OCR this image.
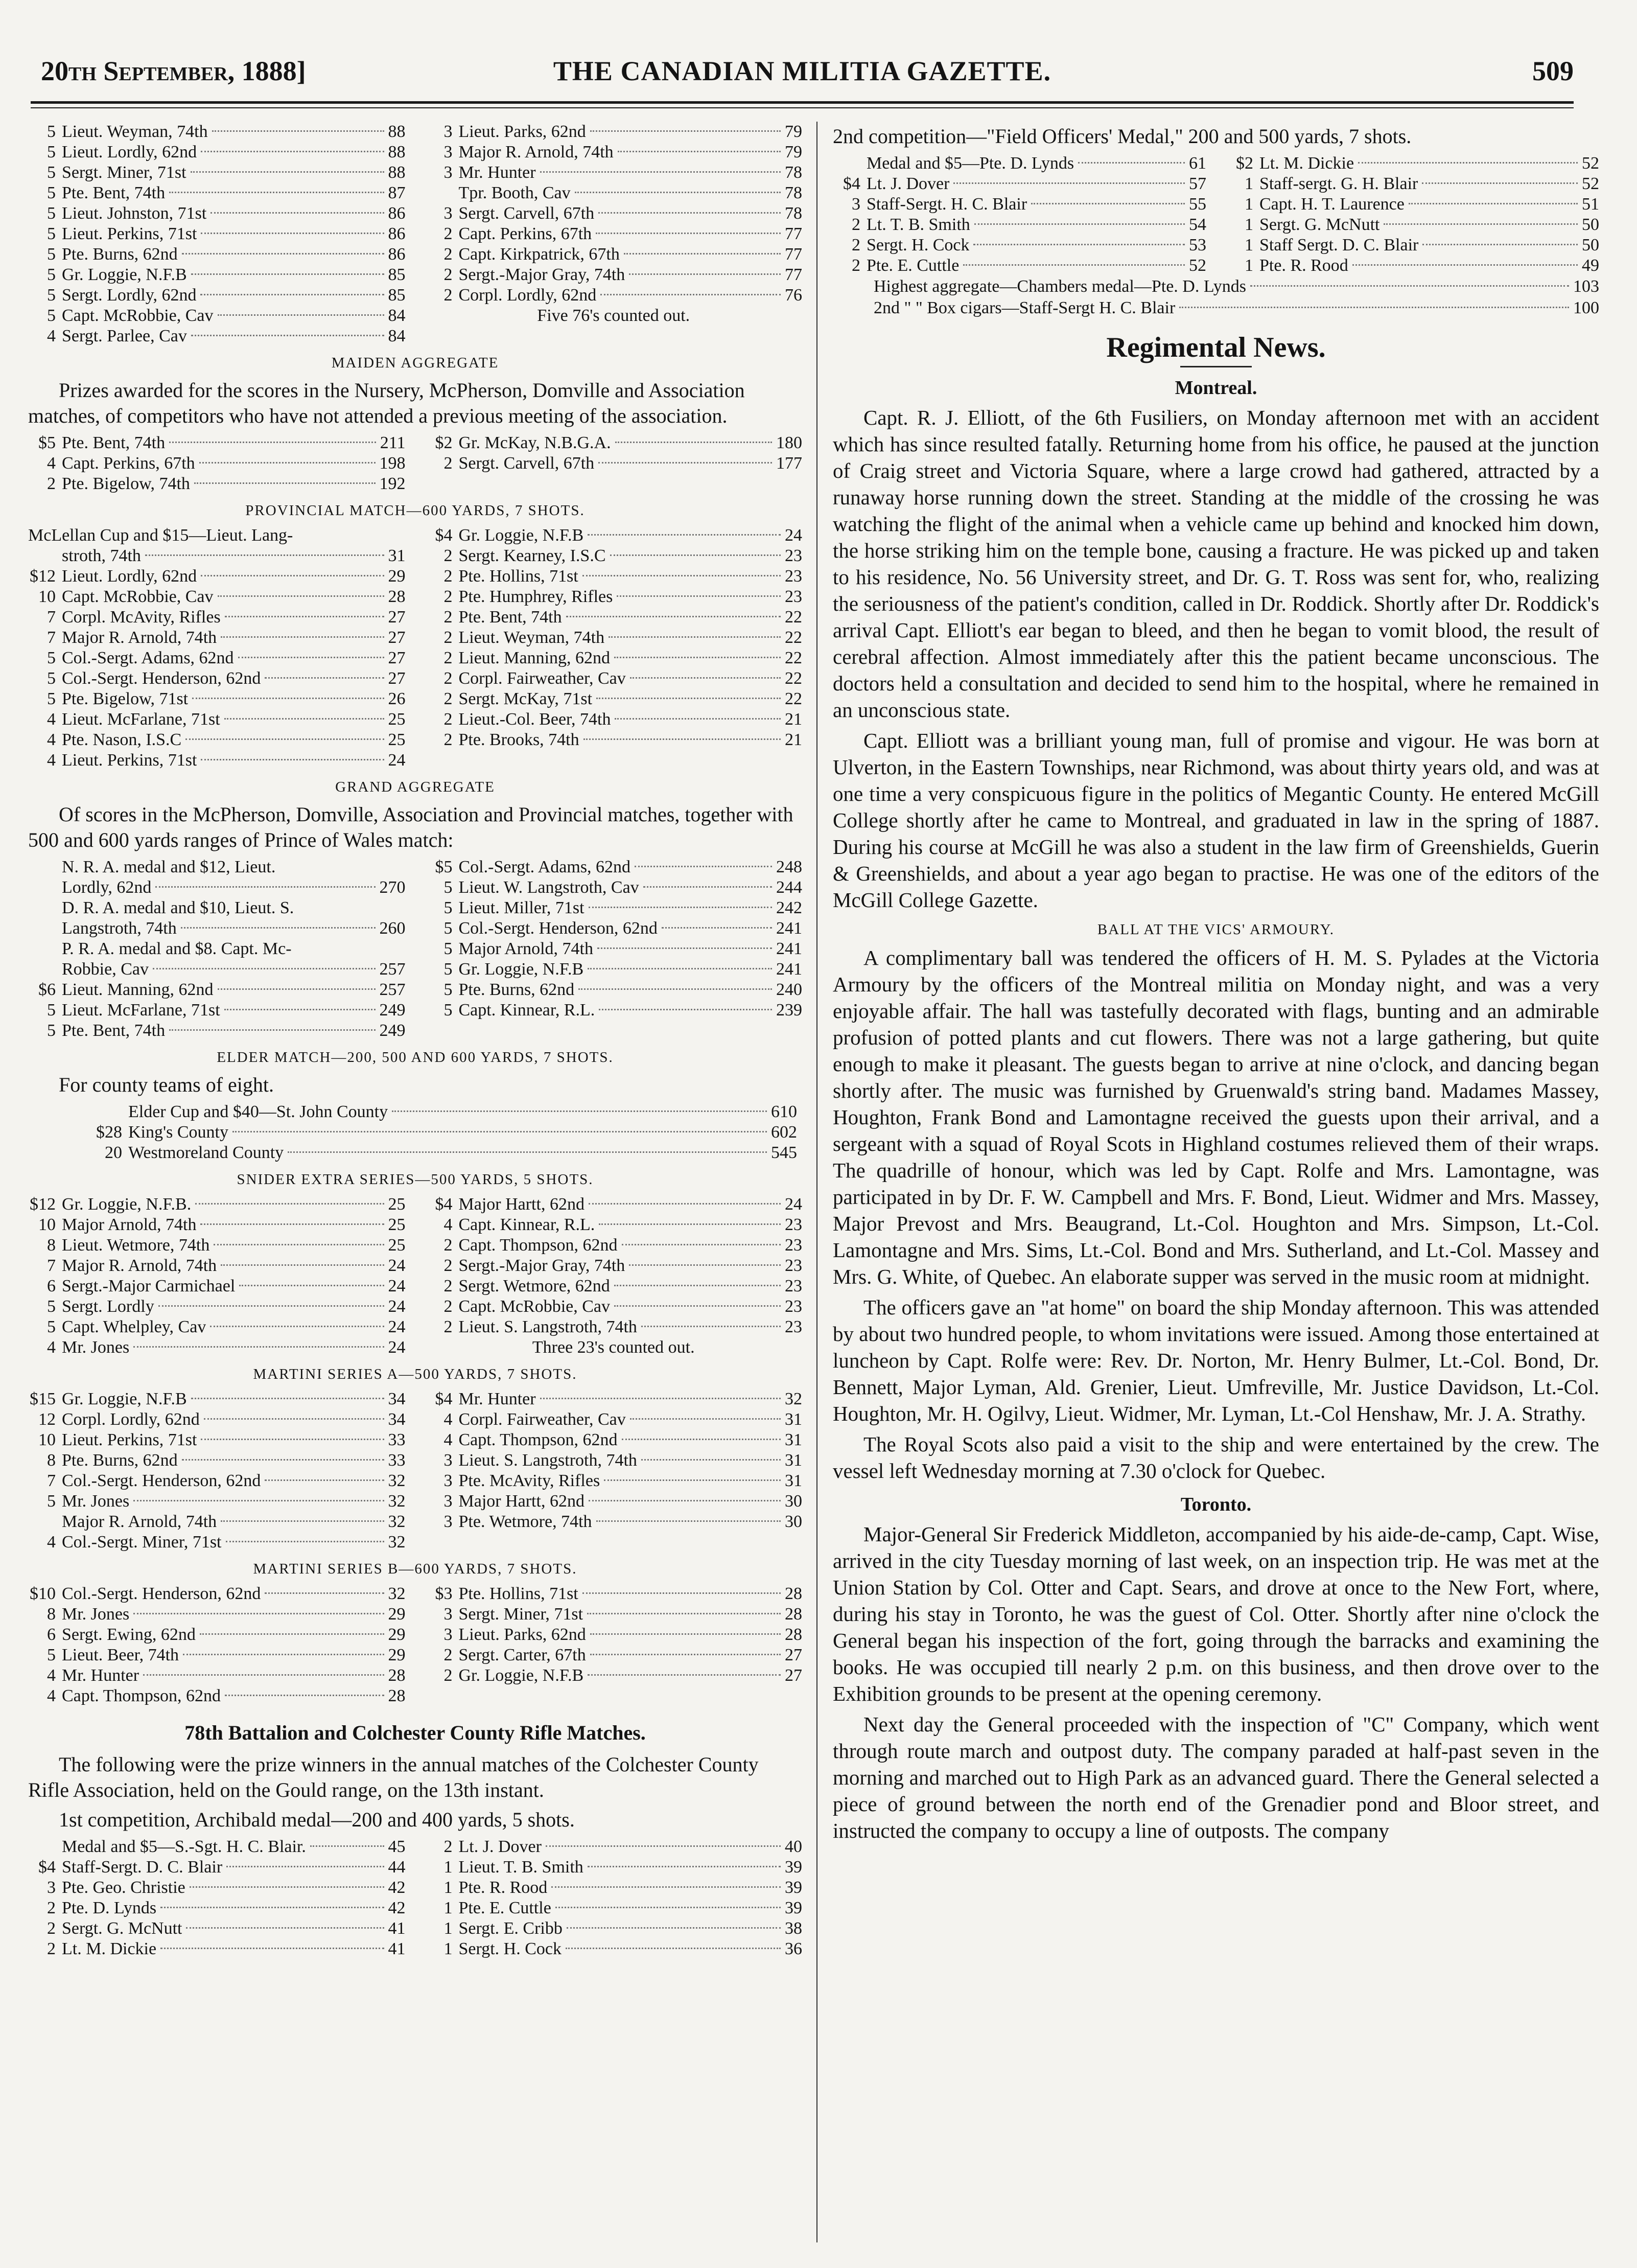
20th September, 1888]	THE CANADIAN MILITIA GAZETTE.	509
5 Lieut. Weyman, 74th	88
5 Lieut. Lordly, 62nd	88
5 Sergt. Miner, 71st	88
5 Pte. Bent, 74th	87
5 Lieut. Johnston, 71st	86
5 Lieut. Perkins, 71st	86
5 Pte. Burns, 62nd	86
5 Gr. Loggie, N.F.B	85
5 Sergt. Lordly, 62nd	85
5 Capt. McRobbie, Cav	84
4 Sergt. Parlee, Cav	84
3 Lieut. Parks, 62nd	79
3 Major R. Arnold, 74th	79
3 Mr. Hunter	78
Tpr. Booth, Cav	78
3 Sergt. Carvell, 67th	78
2 Capt. Perkins, 67th	77
2 Capt. Kirkpatrick, 67th	77
2 Sergt.-Major Gray, 74th	77
2 Corpl. Lordly, 62nd	76
Five 76's counted out.
MAIDEN AGGREGATE

Prizes awarded for the scores in the Nursery, McPherson, Domville and Association matches, of competitors who have not attended a previous meeting of the association.

$5 Pte. Bent, 74th	211
4 Capt. Perkins, 67th	198
2 Pte. Bigelow, 74th	192
$2 Gr. McKay, N.B.G.A.	180
2 Sergt. Carvell, 67th	177
PROVINCIAL MATCH—600 YARDS, 7 SHOTS.
McLellan Cup and $15—Lieut. Lang-
stroth, 74th	31
$12 Lieut. Lordly, 62nd	29
10 Capt. McRobbie, Cav	28
7 Corpl. McAvity, Rifles	27
7 Major R. Arnold, 74th	27
5 Col.-Sergt. Adams, 62nd	27
5 Col.-Sergt. Henderson, 62nd	27
5 Pte. Bigelow, 71st	26
4 Lieut. McFarlane, 71st	25
4 Pte. Nason, I.S.C	25
4 Lieut. Perkins, 71st	24
$4 Gr. Loggie, N.F.B	24
2 Sergt. Kearney, I.S.C	23
2 Pte. Hollins, 71st	23
2 Pte. Humphrey, Rifles	23
2 Pte. Bent, 74th	22
2 Lieut. Weyman, 74th	22
2 Lieut. Manning, 62nd	22
2 Corpl. Fairweather, Cav	22
2 Sergt. McKay, 71st	22
2 Lieut.-Col. Beer, 74th	21
2 Pte. Brooks, 74th	21
GRAND AGGREGATE

Of scores in the McPherson, Domville, Association and Provincial matches, together with 500 and 600 yards ranges of Prince of Wales match:

N. R. A. medal and $12, Lieut.
Lordly, 62nd	270
D. R. A. medal and $10, Lieut. S.
Langstroth, 74th	260
P. R. A. medal and $8. Capt. Mc-
Robbie, Cav	257
$6 Lieut. Manning, 62nd	257
5 Lieut. McFarlane, 71st	249
5 Pte. Bent, 74th	249
$5 Col.-Sergt. Adams, 62nd	248
5 Lieut. W. Langstroth, Cav	244
5 Lieut. Miller, 71st	242
5 Col.-Sergt. Henderson, 62nd	241
5 Major Arnold, 74th	241
5 Gr. Loggie, N.F.B	241
5 Pte. Burns, 62nd	240
5 Capt. Kinnear, R.L.	239
ELDER MATCH—200, 500 AND 600 YARDS, 7 SHOTS.

For county teams of eight.

Elder Cup and $40—St. John County	610
$28 King's County	602
20 Westmoreland County	545
SNIDER EXTRA SERIES—500 YARDS, 5 SHOTS.
$12 Gr. Loggie, N.F.B.	25
10 Major Arnold, 74th	25
8 Lieut. Wetmore, 74th	25
7 Major R. Arnold, 74th	24
6 Sergt.-Major Carmichael	24
5 Sergt. Lordly	24
5 Capt. Whelpley, Cav	24
4 Mr. Jones	24
$4 Major Hartt, 62nd	24
4 Capt. Kinnear, R.L.	23
2 Capt. Thompson, 62nd	23
2 Sergt.-Major Gray, 74th	23
2 Sergt. Wetmore, 62nd	23
2 Capt. McRobbie, Cav	23
2 Lieut. S. Langstroth, 74th	23
Three 23's counted out.
MARTINI SERIES A—500 YARDS, 7 SHOTS.
$15 Gr. Loggie, N.F.B	34
12 Corpl. Lordly, 62nd	34
10 Lieut. Perkins, 71st	33
8 Pte. Burns, 62nd	33
7 Col.-Sergt. Henderson, 62nd	32
5 Mr. Jones	32
Major R. Arnold, 74th	32
4 Col.-Sergt. Miner, 71st	32
$4 Mr. Hunter	32
4 Corpl. Fairweather, Cav	31
4 Capt. Thompson, 62nd	31
3 Lieut. S. Langstroth, 74th	31
3 Pte. McAvity, Rifles	31
3 Major Hartt, 62nd	30
3 Pte. Wetmore, 74th	30
MARTINI SERIES B—600 YARDS, 7 SHOTS.
$10 Col.-Sergt. Henderson, 62nd	32
8 Mr. Jones	29
6 Sergt. Ewing, 62nd	29
5 Lieut. Beer, 74th	29
4 Mr. Hunter	28
4 Capt. Thompson, 62nd	28
$3 Pte. Hollins, 71st	28
3 Sergt. Miner, 71st	28
3 Lieut. Parks, 62nd	28
2 Sergt. Carter, 67th	27
2 Gr. Loggie, N.F.B	27
78th Battalion and Colchester County Rifle Matches.

The following were the prize winners in the annual matches of the Colchester County Rifle Association, held on the Gould range, on the 13th instant.

1st competition, Archibald medal—200 and 400 yards, 5 shots.

Medal and $5—S.-Sgt. H. C. Blair.	45
$4 Staff-Sergt. D. C. Blair	44
3 Pte. Geo. Christie	42
2 Pte. D. Lynds	42
2 Sergt. G. McNutt	41
2 Lt. M. Dickie	41
2 Lt. J. Dover	40
1 Lieut. T. B. Smith	39
1 Pte. R. Rood	39
1 Pte. E. Cuttle	39
1 Sergt. E. Cribb	38
1 Sergt. H. Cock	36

2nd competition—"Field Officers' Medal," 200 and 500 yards, 7 shots.

Medal and $5—Pte. D. Lynds	61
$4 Lt. J. Dover	57
3 Staff-Sergt. H. C. Blair	55
2 Lt. T. B. Smith	54
2 Sergt. H. Cock	53
2 Pte. E. Cuttle	52
$2 Lt. M. Dickie	52
1 Staff-sergt. G. H. Blair	52
1 Capt. H. T. Laurence	51
1 Sergt. G. McNutt	50
1 Staff Sergt. D. C. Blair	50
1 Pte. R. Rood	49
Highest aggregate—Chambers medal—Pte. D. Lynds	103
2nd " " Box cigars—Staff-Sergt H. C. Blair	100
Regimental News.
Montreal.

Capt. R. J. Elliott, of the 6th Fusiliers, on Monday afternoon met with an accident which has since resulted fatally. Returning home from his office, he paused at the junction of Craig street and Victoria Square, where a large crowd had gathered, attracted by a runaway horse running down the street. Standing at the middle of the crossing he was watching the flight of the animal when a vehicle came up behind and knocked him down, the horse striking him on the temple bone, causing a fracture. He was picked up and taken to his residence, No. 56 University street, and Dr. G. T. Ross was sent for, who, realizing the seriousness of the patient's condition, called in Dr. Roddick. Shortly after Dr. Roddick's arrival Capt. Elliott's ear began to bleed, and then he began to vomit blood, the result of cerebral affection. Almost immediately after this the patient became unconscious. The doctors held a consultation and decided to send him to the hospital, where he remained in an unconscious state.

Capt. Elliott was a brilliant young man, full of promise and vigour. He was born at Ulverton, in the Eastern Townships, near Richmond, was about thirty years old, and was at one time a very conspicuous figure in the politics of Megantic County. He entered McGill College shortly after he came to Montreal, and graduated in law in the spring of 1887. During his course at McGill he was also a student in the law firm of Greenshields, Guerin & Greenshields, and about a year ago began to practise. He was one of the editors of the McGill College Gazette.

BALL AT THE VICS' ARMOURY.

A complimentary ball was tendered the officers of H. M. S. Pylades at the Victoria Armoury by the officers of the Montreal militia on Monday night, and was a very enjoyable affair. The hall was tastefully decorated with flags, bunting and an admirable profusion of potted plants and cut flowers. There was not a large gathering, but quite enough to make it pleasant. The guests began to arrive at nine o'clock, and dancing began shortly after. The music was furnished by Gruenwald's string band. Madames Massey, Houghton, Frank Bond and Lamontagne received the guests upon their arrival, and a sergeant with a squad of Royal Scots in Highland costumes relieved them of their wraps. The quadrille of honour, which was led by Capt. Rolfe and Mrs. Lamontagne, was participated in by Dr. F. W. Campbell and Mrs. F. Bond, Lieut. Widmer and Mrs. Massey, Major Prevost and Mrs. Beaugrand, Lt.-Col. Houghton and Mrs. Simpson, Lt.-Col. Lamontagne and Mrs. Sims, Lt.-Col. Bond and Mrs. Sutherland, and Lt.-Col. Massey and Mrs. G. White, of Quebec. An elaborate supper was served in the music room at midnight.

The officers gave an "at home" on board the ship Monday afternoon. This was attended by about two hundred people, to whom invitations were issued. Among those entertained at luncheon by Capt. Rolfe were: Rev. Dr. Norton, Mr. Henry Bulmer, Lt.-Col. Bond, Dr. Bennett, Major Lyman, Ald. Grenier, Lieut. Umfreville, Mr. Justice Davidson, Lt.-Col. Houghton, Mr. H. Ogilvy, Lieut. Widmer, Mr. Lyman, Lt.-Col Henshaw, Mr. J. A. Strathy.

The Royal Scots also paid a visit to the ship and were entertained by the crew. The vessel left Wednesday morning at 7.30 o'clock for Quebec.

Toronto.

Major-General Sir Frederick Middleton, accompanied by his aide-de-camp, Capt. Wise, arrived in the city Tuesday morning of last week, on an inspection trip. He was met at the Union Station by Col. Otter and Capt. Sears, and drove at once to the New Fort, where, during his stay in Toronto, he was the guest of Col. Otter. Shortly after nine o'clock the General began his inspection of the fort, going through the barracks and examining the books. He was occupied till nearly 2 p.m. on this business, and then drove over to the Exhibition grounds to be present at the opening ceremony.

Next day the General proceeded with the inspection of "C" Company, which went through route march and outpost duty. The company paraded at half-past seven in the morning and marched out to High Park as an advanced guard. There the General selected a piece of ground between the north end of the Grenadier pond and Bloor street, and instructed the company to occupy a line of outposts. The company
